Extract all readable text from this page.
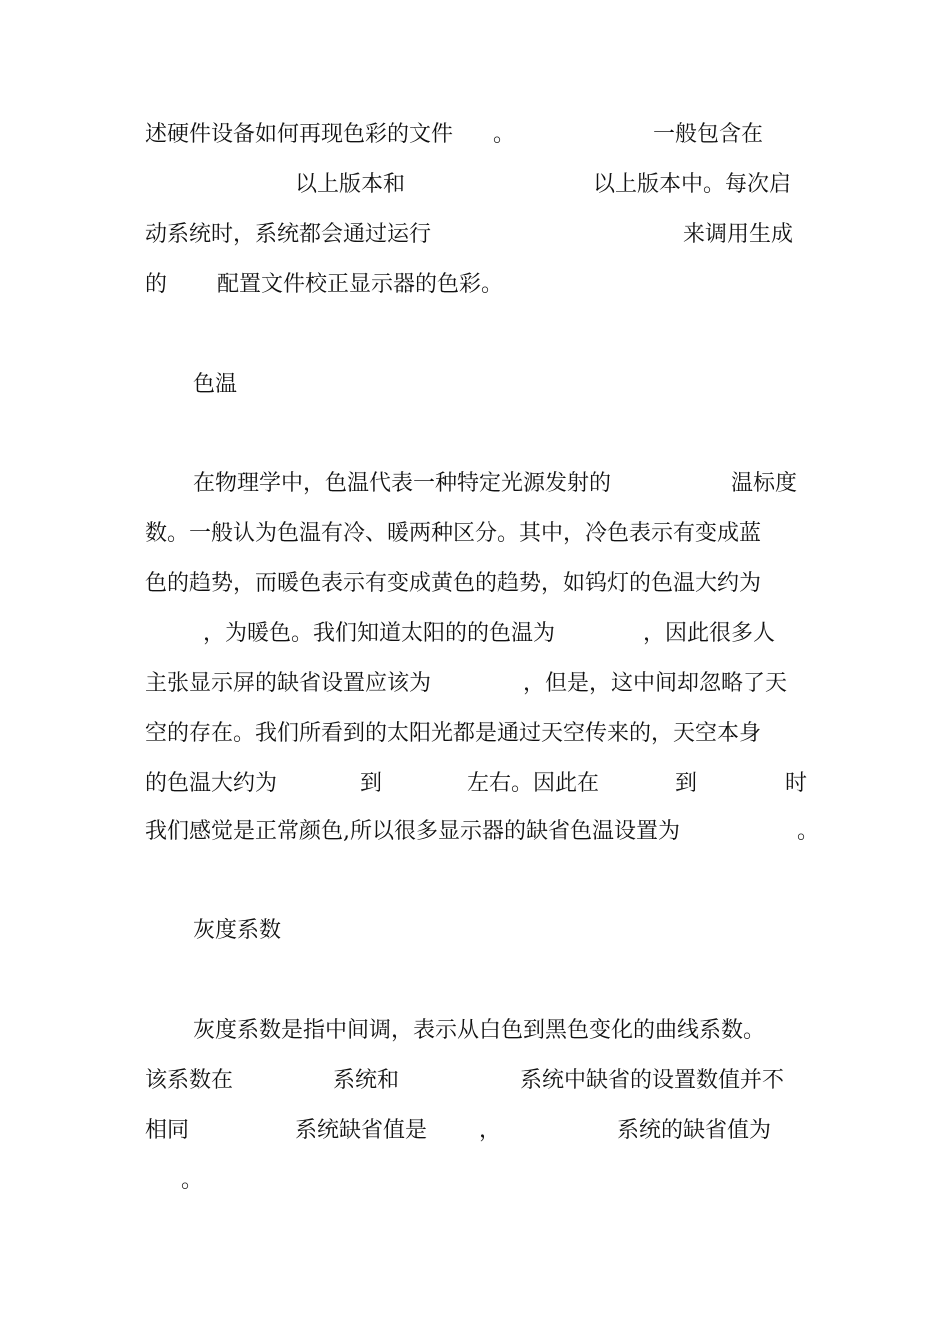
述硬件设备如何再现色彩的文件 。	一般包含在
以上版本和	以上版本中。每次启
动系统时，系统都会通过运行	来调用生成
的 配置文件校正显示器的色彩。
色温
在物理学中，色温代表一种特定光源发射的	温标度
数。一般认为色温有冷、暖两种区分。其中，冷色表示有变成蓝
色的趋势，而暖色表示有变成黄色的趋势，如钨灯的色温大约为
，为暖色。我们知道太阳的的色温为	，因此很多人
主张显示屏的缺省设置应该为	，但是，这中间却忽略了天
空的存在。我们所看到的太阳光都是通过天空传来的，天空本身
的色温大约为	到	左右。因此在	到	时
我们感觉是正常颜色,所以很多显示器的缺省色温设置为	。
灰度系数
灰度系数是指中间调，表示从白色到黑色变化的曲线系数。
该系数在	系统和	系统中缺省的设置数值并不
相同	系统缺省值是 ，	系统的缺省值为
。
